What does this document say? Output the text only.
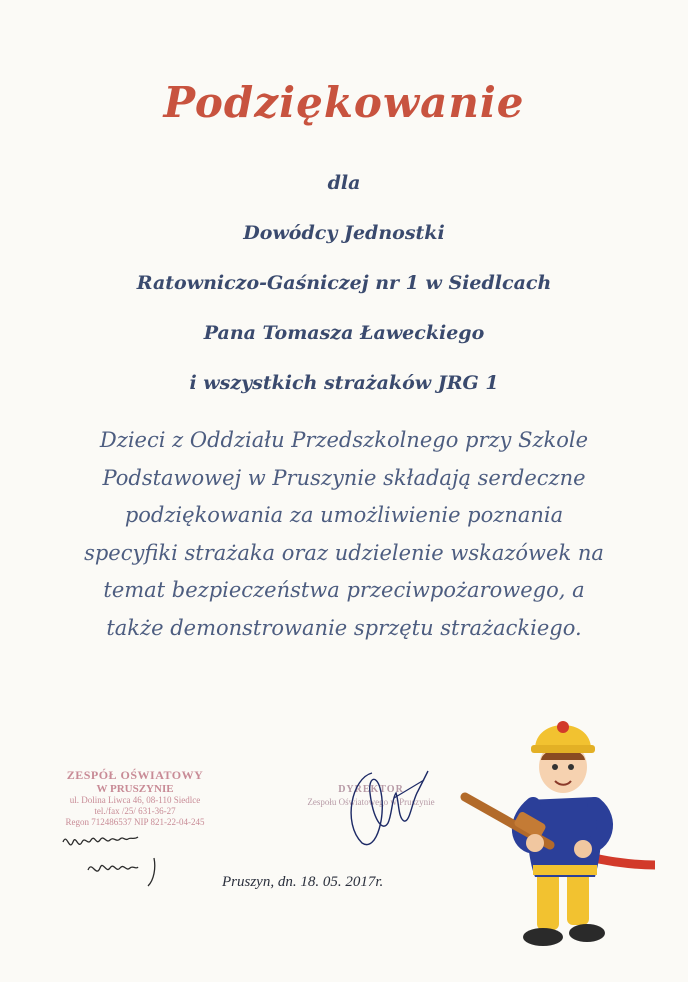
Podziękowanie
dla
Dowódcy Jednostki
Ratowniczo-Gaśniczej nr 1 w Siedlcach
Pana Tomasza Ławeckiego
i wszystkich strażaków JRG 1
Dzieci z Oddziału Przedszkolnego przy Szkole
Podstawowej w Pruszynie składają serdeczne
podziękowania za umożliwienie poznania
specyfiki strażaka oraz udzielenie wskazówek na
temat bezpieczeństwa przeciwpożarowego, a
także demonstrowanie sprzętu strażackiego.
ZESPÓŁ OŚWIATOWY
W PRUSZYNIE
ul. Dolina Liwca 46, 08-110 Siedlce
tel./fax /25/ 631-36-27
Regon 712486537 NIP 821-22-04-245
DYREKTOR
Zespołu Oświatowego w Pruszynie
Pruszyn, dn. 18. 05. 2017r.
